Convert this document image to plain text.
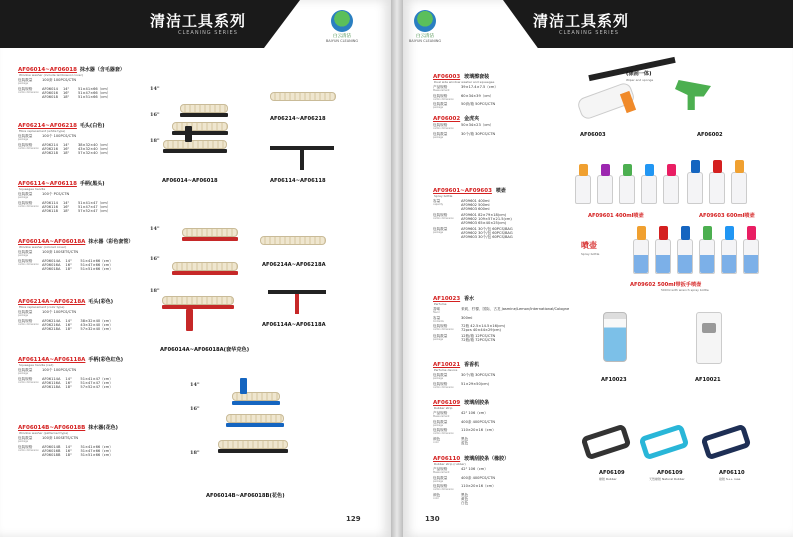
清洁工具系列
CLEANING SERIES
白云清洁
BAIYUN CLEANING
AF06014~AF06018 抹水器（含毛器套）
Window washer (include lambswool cover)
包装数量
package
100套 100PCS/CTN
包装规格
carton dimension
AF06014 14"	51×41×66（cm）
AF06016 16"	51×47×66（cm）
AF06018 18"	51×51×66（cm）
AF06214~AF06218 毛头(白色)
Fibre replacement (white type)
包装数量
package
100个 100PCS/CTN
包装规格
carton dimension
AF06214 14"	38×32×40（cm）
AF06216 16"	43×32×40（cm）
AF06218 18"	57×32×40（cm）
AF06114~AF06118 手柄(黑头)
Squeegee handle
包装数量
package
100个 PCS/CTN
包装规格
carton dimension
AF06114 14"	51×41×47（cm）
AF06116 16"	51×47×47（cm）
AF06118 18"	57×52×47（cm）
AF06014A~AF06018A 抹水器（彩色套管）
Window washer (colored cover)
包装数量
package
100套 100SETS/CTN
包装规格
carton dimension
AF06014A 14"	51×41×66（cm）
AF06016A 16"	51×47×66（cm）
AF06018A 18"	51×51×66（cm）
AF06214A~AF06218A 毛头(彩色)
Fibre replacement (color type)
包装数量
package
100个 100PCS/CTN
包装规格
carton dimension
AF06214A 14"	38×32×40（cm）
AF06216A 16"	43×32×40（cm）
AF06218A 18"	57×32×40（cm）
AF06114A~AF06118A 手柄(彩色红色)
Squeegee handle (red)
包装数量
package
100个 100PCS/CTN
包装规格
carton dimension
AF06114A 14"	51×41×47（cm）
AF06116A 16"	51×47×47（cm）
AF06118A 18"	57×52×47（cm）
AF06014B~AF06018B 抹水器(花色)
Window washer (patterned type)
包装数量
package
100套 100SETS/CTN
包装规格
carton dimension
AF06014B 14"	51×41×66（cm）
AF06016B 16"	51×47×66（cm）
AF06018B 18"	51×51×66（cm）
14"
16"
18"
AF06214~AF06218
AF06014~AF06018	AF06114~AF06118
14"
16"
18"
AF06214A~AF06218A
AF06114A~AF06118A
AF06014A~AF06018A(套华克色)
14"
16"
18"
AF06014B~AF06018B(花色)
129
白云清洁
BAIYUN CLEANING
清洁工具系列
CLEANING SERIES
AF06003 玻璃擦套装
Dual side window washer and squeegee
产品规格
Measurement
39×17.4×7.5（cm）
包装规格
carton dimension
60×34×39（cm）
包装数量
package
50套/箱 50PCS/CTN
AF06002 金虎夹
包装规格
carton dimension
50×34×23（cm）
包装数量
package
30个/箱 30PCS/CTN
AF09601~AF09603 喷壶
Spray bottle
容量
capacity
AF09601 400ml
AF09602 500ml
AF09603 600ml
包装规格
carton dimension
AF09601 82×79×18(cm)
AF09602 109×57×21.5(cm)
AF09603 65×40×25(cm)
包装数量
package
AF09601 30个/包 60PCS/BAG
AF09602 30个/包 60PCS/BAG
AF09603 30个/包 60PCS/BAG
AF10023 香水
Perfume
香味
flavor
茉莉、柠檬、国际、古龙 Jasmine/Lemon/International/Cologne
容量
Contents
300ml
包装规格
carton dimension
72瓶 42.5×14.5×16(cm)
72pcs 40×44×29(cm)
包装数量
package
12瓶/箱 12PCS/CTN
72瓶/箱 72PCS/CTN
AF10021 香香机
Perfume device
包装数量
package
30个/箱 30PCS/CTN
包装规格
carton dimension
51×29×50(cm)
AF06109 玻璃刮胶条
Rubber strip
产品规格
Measurement
42" 106（cm）
包装数量
package
400条 400PCS/CTN
包装规格
carton dimension
110×20×16（cm）
颜色
color
黑色
蓝色
AF06110 玻璃刮胶条（橡胶）
Rubber strip (rubber)
产品规格
Measurement
42" 106（cm）
包装数量
package
400条 400PCS/CTN
包装规格
carton dimension
110×20×16（cm）
颜色
color
黑色
黄色
白色
(涤刮一体)
Wiper and sponge
AF06003	AF06002
AF09601 400ml喷壶	AF09603 600ml喷壶
喷壶
Spray bottle
AF09602 500ml带扳手喷壶
500ml with wrench spray bottle
AF10023	AF10021
AF06109
橡胶 Rubber
AF06109
天然橡胶 Natural Rubber
AF06110
硅胶 S++ ruse
130
